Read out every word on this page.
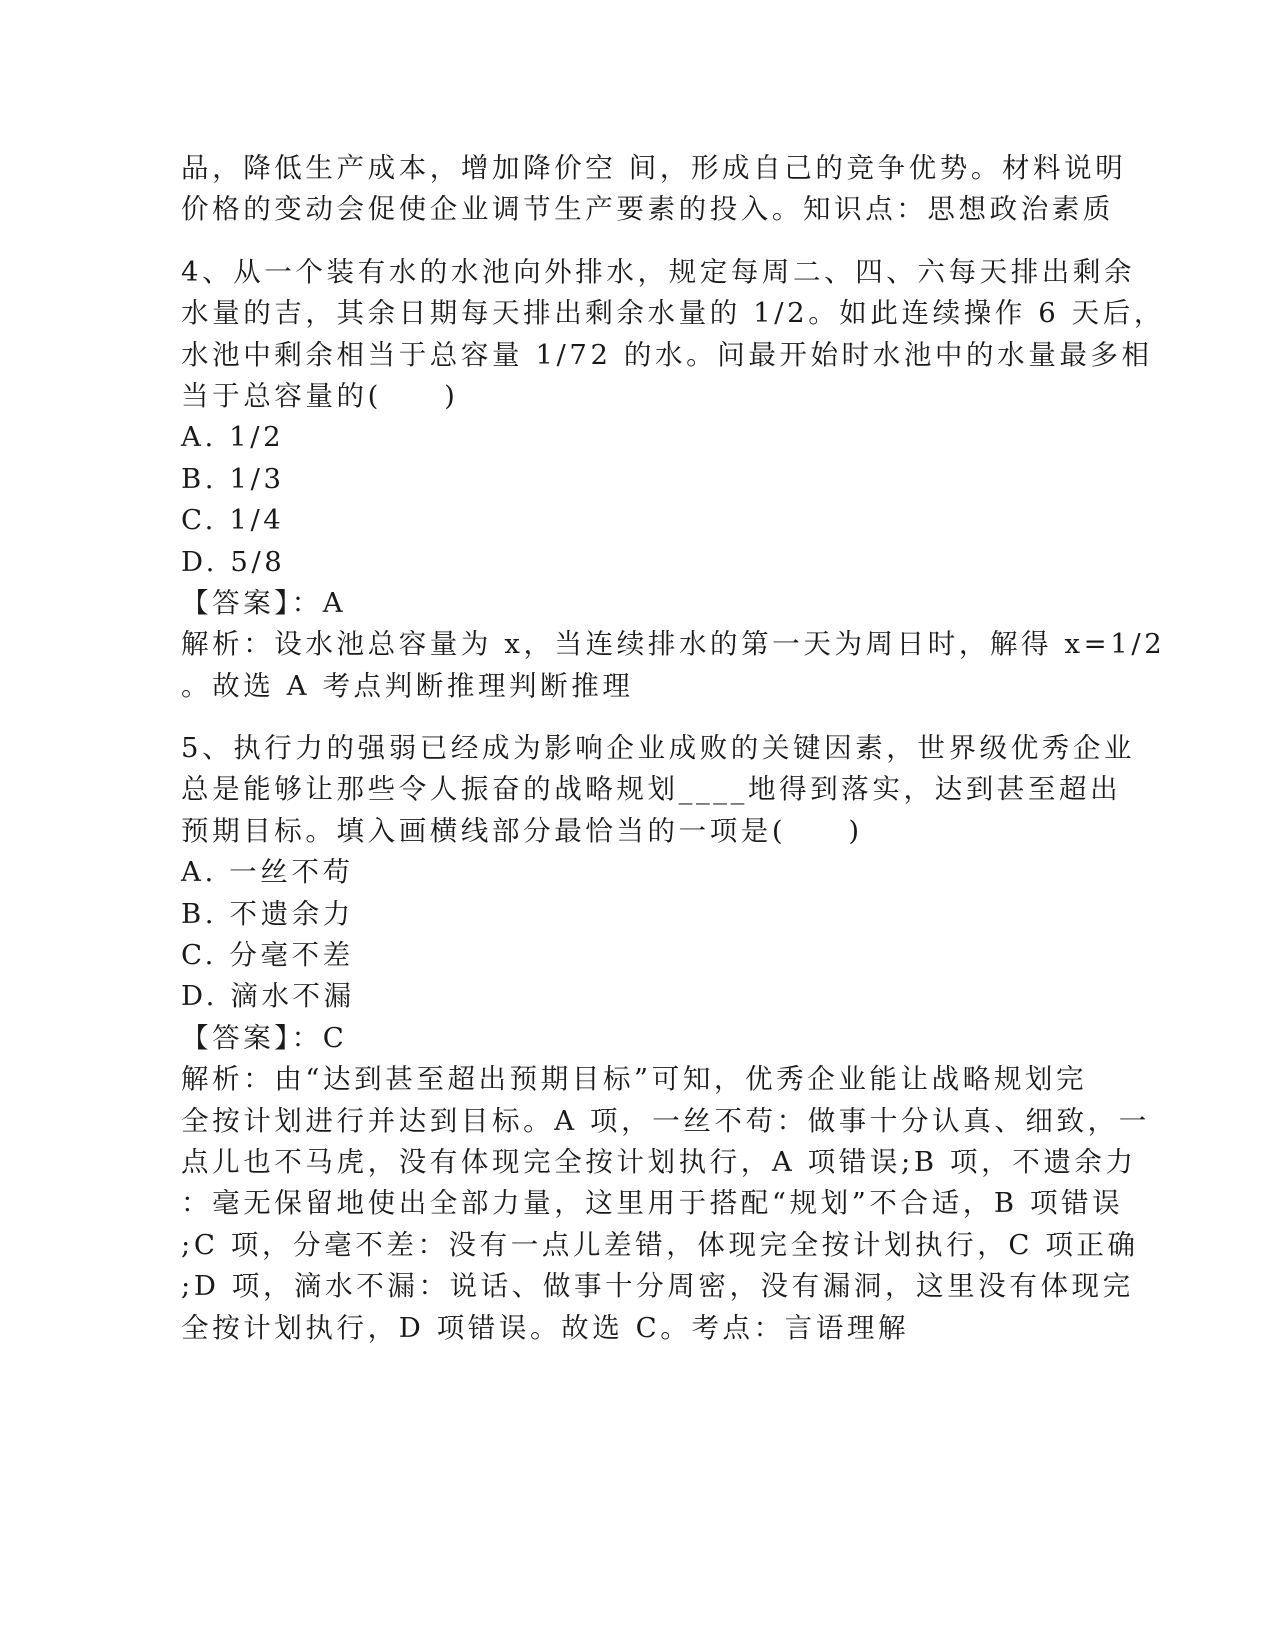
品，降低生产成本，增加降价空 间，形成自己的竞争优势。材料说明
价格的变动会促使企业调节生产要素的投入。知识点：思想政治素质
4、从一个装有水的水池向外排水，规定每周二、四、六每天排出剩余
水量的吉，其余日期每天排出剩余水量的 1/2。如此连续操作 6 天后，
水池中剩余相当于总容量 1/72 的水。问最开始时水池中的水量最多相
当于总容量的(　　)
A. 1/2
B. 1/3
C. 1/4
D. 5/8
【答案】：A
解析：设水池总容量为 x，当连续排水的第一天为周日时，解得 x=1/2
。故选 A 考点判断推理判断推理
5、执行力的强弱已经成为影响企业成败的关键因素，世界级优秀企业
总是能够让那些令人振奋的战略规划____地得到落实，达到甚至超出
预期目标。填入画横线部分最恰当的一项是(　　)
A. 一丝不苟
B. 不遗余力
C. 分毫不差
D. 滴水不漏
【答案】：C
解析：由“达到甚至超出预期目标”可知，优秀企业能让战略规划完
全按计划进行并达到目标。A 项，一丝不苟：做事十分认真、细致，一
点儿也不马虎，没有体现完全按计划执行，A 项错误;B 项，不遗余力
：毫无保留地使出全部力量，这里用于搭配“规划”不合适，B 项错误
;C 项，分毫不差：没有一点儿差错，体现完全按计划执行，C 项正确
;D 项，滴水不漏：说话、做事十分周密，没有漏洞，这里没有体现完
全按计划执行，D 项错误。故选 C。考点：言语理解
